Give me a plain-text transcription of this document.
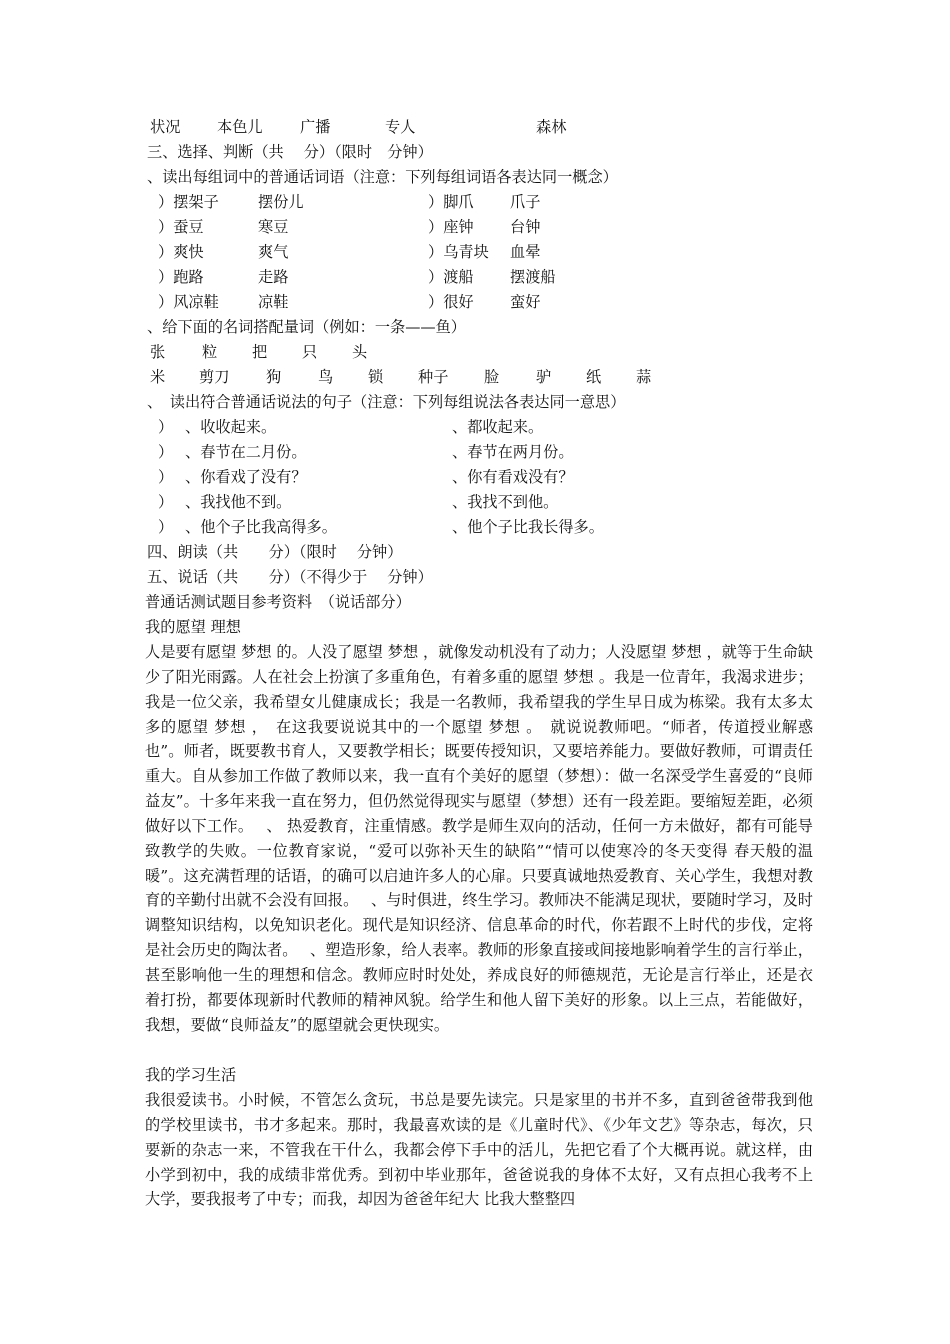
状况 本色儿 广播	专人	森林
三、选择、判断（共　 分）（限时　分钟）
、读出每组词中的普通话词语（注意：下列每组词语各表达同一概念）
）摆架子	摆份儿	）脚爪 爪子
）蚕豆	寒豆	）座钟 台钟
）爽快	爽气	）乌青块 血晕
）跑路	走路	）渡船 摆渡船
）风凉鞋	凉鞋	）很好 蛮好
、给下面的名词搭配量词（例如：一条——鱼）
张 粒 把 只 头
米 剪刀 狗 鸟 锁 种子 脸 驴 纸 蒜
、　读出符合普通话说法的句子（注意：下列每组说法各表达同一意思）
） 、收收起来。	、都收起来。
） 、春节在二月份。	、春节在两月份。
） 、你看戏了没有？	、你有看戏没有？
） 、我找他不到。	、我找不到他。
） 、他个子比我高得多。	、他个子比我长得多。
四、朗读（共　　分）（限时　 分钟）
五、说话（共　　分）（不得少于　 分钟）
普通话测试题目参考资料　（说话部分）
我的愿望 理想

人是要有愿望 梦想 的。人没了愿望 梦想 ，就像发动机没有了动力；人没愿望 梦想 ，就等于生命缺少了阳光雨露。人在社会上扮演了多重角色，有着多重的愿望 梦想 。我是一位青年，我渴求进步；我是一位父亲，我希望女儿健康成长；我是一名教师，我希望我的学生早日成为栋梁。我有太多太多的愿望 梦想 ，　在这我要说说其中的一个愿望 梦想 。　就说说教师吧。“师者，传道授业解惑也”。师者，既要教书育人，又要教学相长；既要传授知识，又要培养能力。要做好教师，可谓责任重大。自从参加工作做了教师以来，我一直有个美好的愿望（梦想）：做一名深受学生喜爱的“良师益友”。十多年来我一直在努力，但仍然觉得现实与愿望（梦想）还有一段差距。要缩短差距，必须做好以下工作。　 、 热爱教育，注重情感。教学是师生双向的活动，任何一方未做好，都有可能导致教学的失败。一位教育家说，“爱可以弥补天生的缺陷”“情可以使寒冷的冬天变得 春天般的温暖”。这充满哲理的话语，的确可以启迪许多人的心扉。只要真诚地热爱教育、关心学生，我想对教育的辛勤付出就不会没有回报。　 、与时俱进，终生学习。教师决不能满足现状，要随时学习，及时调整知识结构，以免知识老化。现代是知识经济、信息革命的时代，你若跟不上时代的步伐，定将是社会历史的陶汰者。　 、塑造形象，给人表率。教师的形象直接或间接地影响着学生的言行举止，甚至影响他一生的理想和信念。教师应时时处处，养成良好的师德规范，无论是言行举止，还是衣着打扮，都要体现新时代教师的精神风貌。给学生和他人留下美好的形象。以上三点，若能做好，我想，要做“良师益友”的愿望就会更快现实。

我的学习生活

我很爱读书。小时候，不管怎么贪玩，书总是要先读完。只是家里的书并不多，直到爸爸带我到他的学校里读书，书才多起来。那时，我最喜欢读的是《儿童时代》、《少年文艺》等杂志，每次，只要新的杂志一来，不管我在干什么，我都会停下手中的活儿，先把它看了个大概再说。就这样，由小学到初中，我的成绩非常优秀。到初中毕业那年，爸爸说我的身体不太好，又有点担心我考不上大学，要我报考了中专；而我，却因为爸爸年纪大 比我大整整四
